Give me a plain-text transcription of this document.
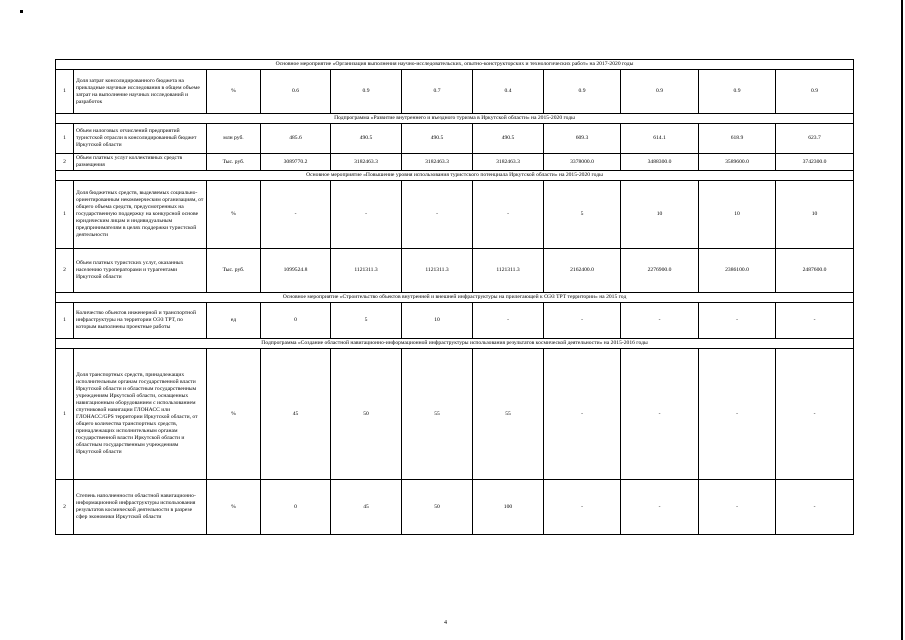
Основное мероприятие «Организация выполнения научно-исследовательских, опытно-конструкторских и технологических работ» на 2017-2020 годы										
1	Доля затрат консолидированного бюджета на прикладные научные исследования в общем объеме затрат на выполнение научных исследований и разработок	%	0.6	0.9	0.7	0.4	0.9	0.9	0.9	0.9
Подпрограмма «Развитие внутреннего и въездного туризма в Иркутской области» на 2015-2020 годы										
1	Объем налоговых отчислений предприятий туристской отрасли в консолидированный бюджет Иркутской области	млн руб.	485.6	490.5	490.5	490.5	609.3	614.1	618.9	623.7
2	Объем платных услуг коллективных средств размещения	Тыс. руб.	3089770.2	3182463.3	3182463.3	3182463.3	3378000.0	3488300.0	3589600.0	3742300.0
Основное мероприятие «Повышение уровня использования туристского потенциала Иркутской области» на 2015-2020 годы										
1	Доля бюджетных средств, выделяемых социально-ориентированным некоммерческим организациям, от общего объема средств, предусмотренных на государственную поддержку на конкурсной основе юридическим лицам и индивидуальным предпринимателям в целях поддержки туристской деятельности	%	-	-	-	-	5	10	10	10
2	Объем платных туристских услуг, оказанных населению туроператорами и турагентами Иркутской области	Тыс. руб.	1099524.8	1121311.3	1121311.3	1121311.3	2162400.0	2276900.0	2386100.0	2487600.0
Основное мероприятие «Строительство объектов внутренней и внешней инфраструктуры на прилегающей к ОЭЗ ТРТ территории» на 2015 год										
1	Количество объектов инженерной и транспортной инфраструктуры на территории ОЭЗ ТРТ, по которым выполнены проектные работы	ед	0	5	10	-	-	-	-	-
Подпрограмма «Создание областной навигационно-информационной инфраструктуры использования результатов космической деятельности» на 2015-2016 годы										
1	Доля транспортных средств, принадлежащих исполнительным органам государственной власти Иркутской области и областным государственным учреждениям Иркутской области, оснащенных навигационным оборудованием с использованием спутниковой навигации ГЛОНАСС или ГЛОНАСС/GPS территории Иркутской области, от общего количества транспортных средств, принадлежащих исполнительным органам государственной власти Иркутской области и областным государственным учреждениям Иркутской области	%	45	50	55	55	-	-	-	-
2	Степень наполненности областной навигационно-информационной инфраструктуры использования результатов космической деятельности в разрезе сфер экономики Иркутской области	%	0	45	50	100	-	-	-	-
4
